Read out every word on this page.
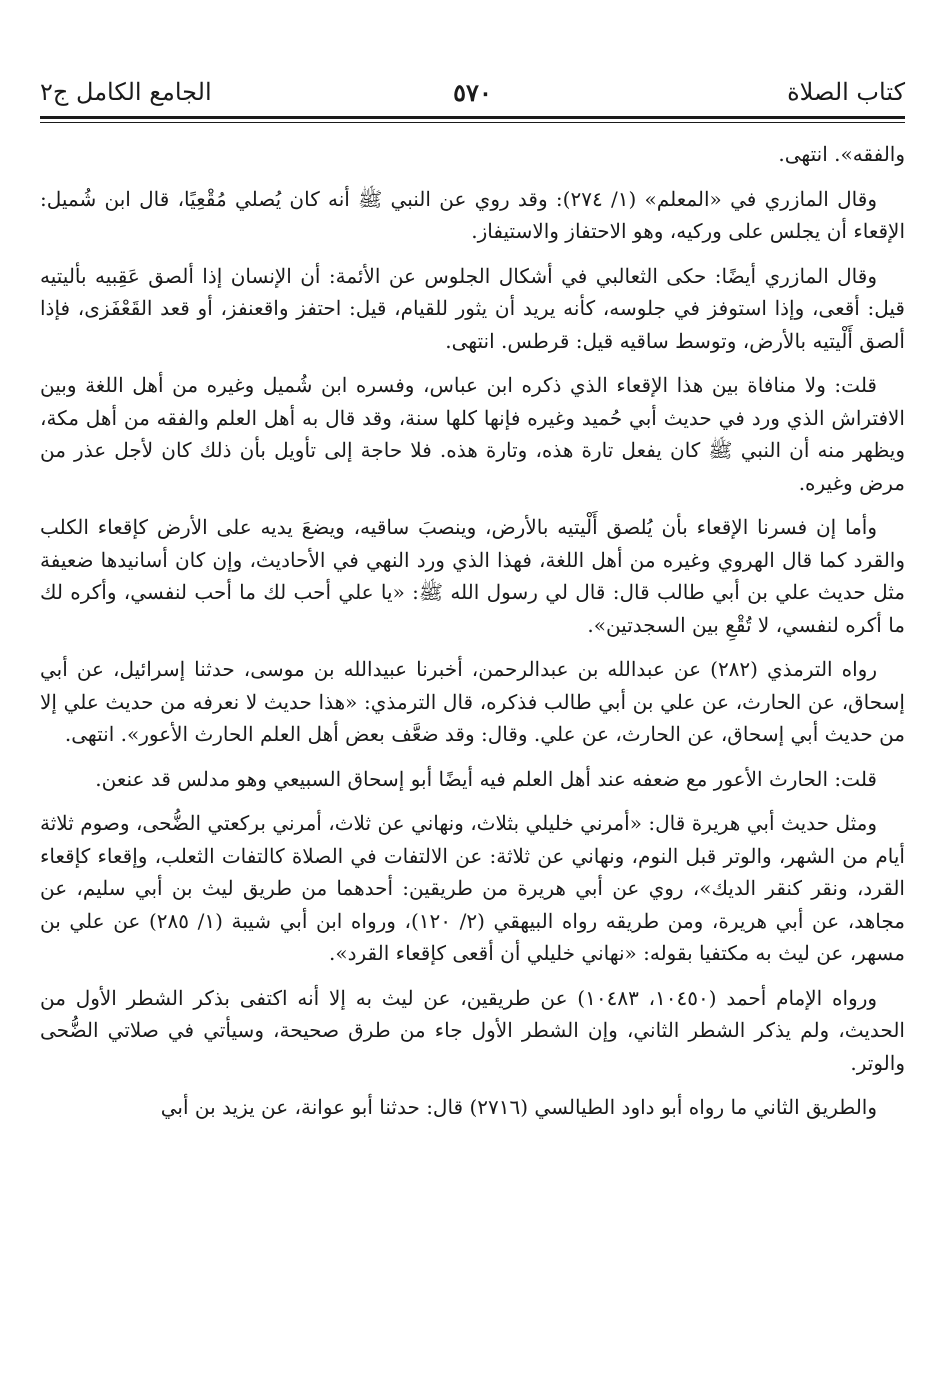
كتاب الصلاة
٥٧٠
الجامع الكامل ج٢

والفقه». انتهى.

وقال المازري في «المعلم» (١/ ٢٧٤): وقد روي عن النبي ﷺ أنه كان يُصلي مُقْعِيًا، قال ابن شُميل: الإقعاء أن يجلس على وركيه، وهو الاحتفاز والاستيفاز.

وقال المازري أيضًا: حكى الثعالبي في أشكال الجلوس عن الأئمة: أن الإنسان إذا ألصق عَقِبيه بأليتيه قيل: أقعى، وإذا استوفز في جلوسه، كأنه يريد أن يثور للقيام، قيل: احتفز واقعنفز، أو قعد القَعْفَزى، فإذا ألصق أَلْيتيه بالأرض، وتوسط ساقيه قيل: قرطس. انتهى.

قلت: ولا منافاة بين هذا الإقعاء الذي ذكره ابن عباس، وفسره ابن شُميل وغيره من أهل اللغة وبين الافتراش الذي ورد في حديث أبي حُميد وغيره فإنها كلها سنة، وقد قال به أهل العلم والفقه من أهل مكة، ويظهر منه أن النبي ﷺ كان يفعل تارة هذه، وتارة هذه. فلا حاجة إلى تأويل بأن ذلك كان لأجل عذر من مرض وغيره.

وأما إن فسرنا الإقعاء بأن يُلصق أَلْيتيه بالأرض، وينصبَ ساقيه، ويضعَ يديه على الأرض كإقعاء الكلب والقرد كما قال الهروي وغيره من أهل اللغة، فهذا الذي ورد النهي في الأحاديث، وإن كان أسانيدها ضعيفة مثل حديث علي بن أبي طالب قال: قال لي رسول الله ﷺ: «يا علي أحب لك ما أحب لنفسي، وأكره لك ما أكره لنفسي، لا تُقْعِ بين السجدتين».

رواه الترمذي (٢٨٢) عن عبدالله بن عبدالرحمن، أخبرنا عبيدالله بن موسى، حدثنا إسرائيل، عن أبي إسحاق، عن الحارث، عن علي بن أبي طالب فذكره، قال الترمذي: «هذا حديث لا نعرفه من حديث علي إلا من حديث أبي إسحاق، عن الحارث، عن علي. وقال: وقد ضعَّف بعض أهل العلم الحارث الأعور». انتهى.

قلت: الحارث الأعور مع ضعفه عند أهل العلم فيه أيضًا أبو إسحاق السبيعي وهو مدلس قد عنعن.

ومثل حديث أبي هريرة قال: «أمرني خليلي بثلاث، ونهاني عن ثلاث، أمرني بركعتي الضُّحى، وصوم ثلاثة أيام من الشهر، والوتر قبل النوم، ونهاني عن ثلاثة: عن الالتفات في الصلاة كالتفات الثعلب، وإقعاء كإقعاء القرد، ونقر كنقر الديك»، روي عن أبي هريرة من طريقين: أحدهما من طريق ليث بن أبي سليم، عن مجاهد، عن أبي هريرة، ومن طريقه رواه البيهقي (٢/ ١٢٠)، ورواه ابن أبي شيبة (١/ ٢٨٥) عن علي بن مسهر، عن ليث به مكتفيا بقوله: «نهاني خليلي أن أقعى كإقعاء القرد».

ورواه الإمام أحمد (١٠٤٥٠، ١٠٤٨٣) عن طريقين، عن ليث به إلا أنه اكتفى بذكر الشطر الأول من الحديث، ولم يذكر الشطر الثاني، وإن الشطر الأول جاء من طرق صحيحة، وسيأتي في صلاتي الضُّحى والوتر.

والطريق الثاني ما رواه أبو داود الطيالسي (٢٧١٦) قال: حدثنا أبو عوانة، عن يزيد بن أبي
